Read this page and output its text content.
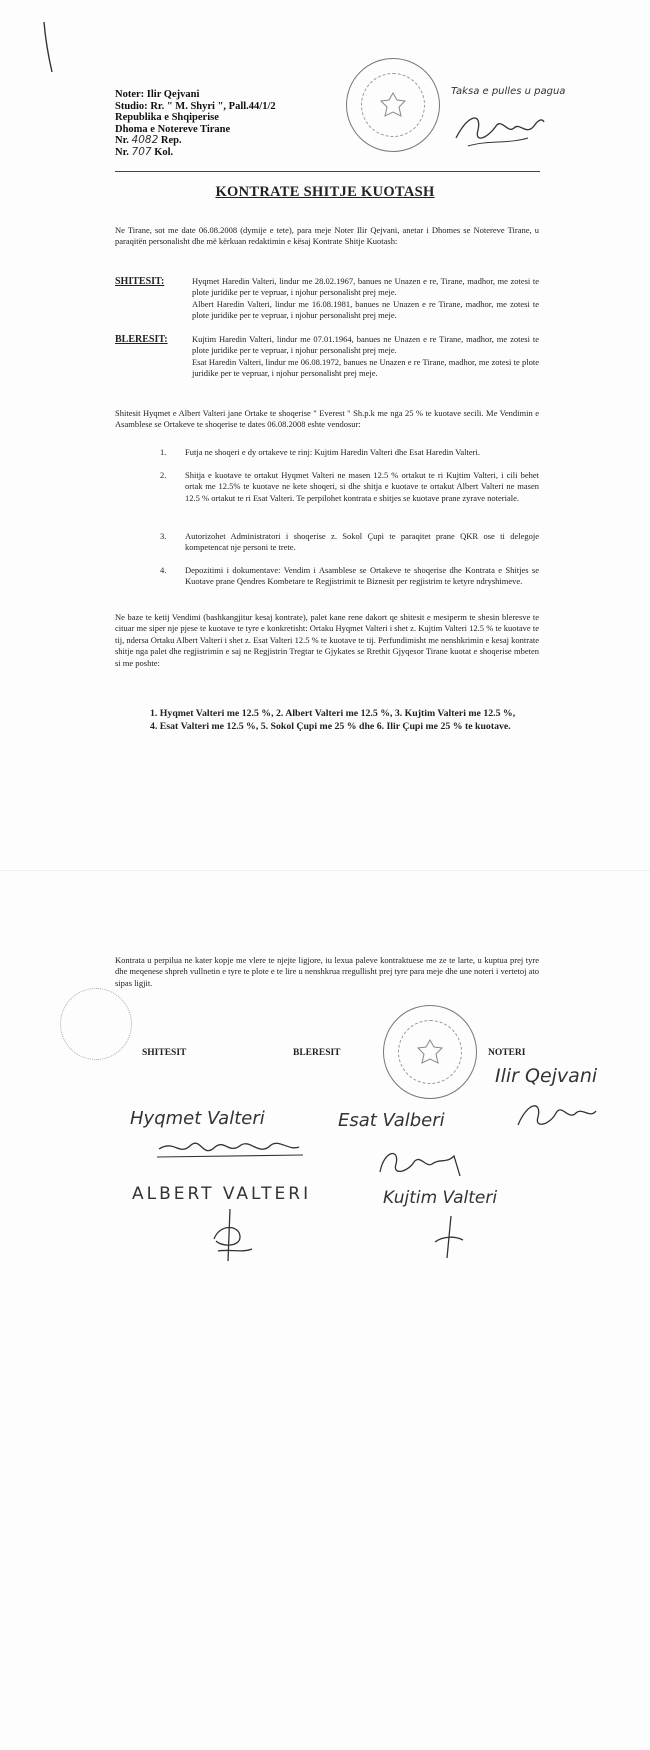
Noter: Ilir Qejvani
Studio: Rr. " M. Shyri ", Pall.44/1/2
Republika e Shqiperise
Dhoma e Notereve Tirane
Nr. 4082 Rep.
Nr. 707 Kol.
Taksa e pulles u pagua
KONTRATE SHITJE KUOTASH
Ne Tirane, sot me date 06.08.2008 (dymije e tete), para meje Noter Ilir Qejvani, anetar i Dhomes se Notereve Tirane, u paraqitën personalisht dhe më kërkuan redaktimin e kësaj Kontrate Shitje Kuotash:
SHITESIT:	Hyqmet Haredin Valteri, lindur me 28.02.1967, banues ne Unazen e re, Tirane, madhor, me zotesi te plote juridike per te vepruar, i njohur personalisht prej meje.
Albert Haredin Valteri, lindur me 16.08.1981, banues ne Unazen e re Tirane, madhor, me zotesi te plote juridike per te vepruar, i njohur personalisht prej meje.
BLERESIT:	Kujtim Haredin Valteri, lindur me 07.01.1964, banues ne Unazen e re Tirane, madhor, me zotesi te plote juridike per te vepruar, i njohur personalisht prej meje.
Esat Haredin Valteri, lindur me 06.08.1972, banues ne Unazen e re Tirane, madhor, me zotesi te plote juridike per te vepruar, i njohur personalisht prej meje.
Shitesit Hyqmet e Albert Valteri jane Ortake te shoqerise " Everest " Sh.p.k me nga 25 % te kuotave secili. Me Vendimin e Asamblese se Ortakeve te shoqerise te dates 06.08.2008 eshte vendosur:
1. Futja ne shoqeri e dy ortakeve te rinj: Kujtim Haredin Valteri dhe Esat Haredin Valteri.
2. Shitja e kuotave te ortakut Hyqmet Valteri ne masen 12.5 % ortakut te ri Kujtim Valteri, i cili behet ortak me 12.5% te kuotave ne kete shoqeri, si dhe shitja e kuotave te ortakut Albert Valteri ne masen 12.5 % ortakut te ri Esat Valteri. Te perpilohet kontrata e shitjes se kuotave prane zyrave noteriale.
3. Autorizohet Administratori i shoqerise z. Sokol Çupi te paraqitet prane QKR ose ti delegoje kompetencat nje personi te trete.
4. Depozitimi i dokumentave: Vendim i Asamblese se Ortakeve te shoqerise dhe Kontrata e Shitjes se Kuotave prane Qendres Kombetare te Regjistrimit te Biznesit per regjistrim te ketyre ndryshimeve.
Ne baze te ketij Vendimi (bashkangjitur kesaj kontrate), palet kane rene dakort qe shitesit e mesiperm te shesin bleresve te cituar me siper nje pjese te kuotave te tyre e konkretisht: Ortaku Hyqmet Valteri i shet z. Kujtim Valteri 12.5 % te kuotave te tij, ndersa Ortaku Albert Valteri i shet z. Esat Valteri 12.5 % te kuotave te tij. Perfundimisht me nenshkrimin e kesaj kontrate shitje nga palet dhe regjistrimin e saj ne Regjistrin Tregtar te Gjykates se Rrethit Gjyqesor Tirane kuotat e shoqerise mbeten si me poshte:
1. Hyqmet Valteri me 12.5 %, 2. Albert Valteri me 12.5 %, 3. Kujtim Valteri me 12.5 %,
4. Esat Valteri me 12.5 %, 5. Sokol Çupi me 25 % dhe 6. Ilir Çupi me 25 % te kuotave.
Kontrata u perpilua ne kater kopje me vlere te njejte ligjore, iu lexua paleve kontraktuese me ze te larte, u kuptua prej tyre dhe meqenese shpreh vullnetin e tyre te plote e te lire u nenshkrua rregullisht prej tyre para meje dhe une noteri i vertetoj ato sipas ligjit.
SHITESIT	BLERESIT	NOTERI
Hyqmet Valteri
ALBERT VALTERI
Esat Valberi
Kujtim Valteri
Ilir Qejvani
